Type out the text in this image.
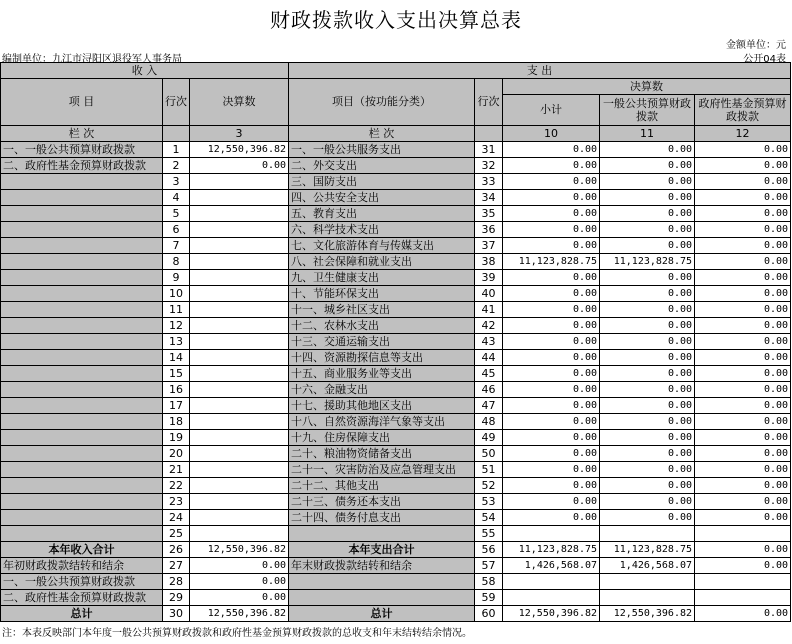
财政拨款收入支出决算总表
金额单位：元
编制单位：九江市浔阳区退役军人事务局	公开04表
收 入			支 出				
项 目	行次	决算数	项目（按功能分类）	行次	决算数		
					小计	一般公共预算财政拨款	政府性基金预算财政拨款
栏 次		3	栏 次		10	11	12
一、一般公共预算财政拨款	1	12,550,396.82	一、一般公共服务支出	31	0.00	0.00	0.00
二、政府性基金预算财政拨款	2	0.00	二、外交支出	32	0.00	0.00	0.00
	3		三、国防支出	33	0.00	0.00	0.00
	4		四、公共安全支出	34	0.00	0.00	0.00
	5		五、教育支出	35	0.00	0.00	0.00
	6		六、科学技术支出	36	0.00	0.00	0.00
	7		七、文化旅游体育与传媒支出	37	0.00	0.00	0.00
	8		八、社会保障和就业支出	38	11,123,828.75	11,123,828.75	0.00
	9		九、卫生健康支出	39	0.00	0.00	0.00
	10		十、节能环保支出	40	0.00	0.00	0.00
	11		十一、城乡社区支出	41	0.00	0.00	0.00
	12		十二、农林水支出	42	0.00	0.00	0.00
	13		十三、交通运输支出	43	0.00	0.00	0.00
	14		十四、资源勘探信息等支出	44	0.00	0.00	0.00
	15		十五、商业服务业等支出	45	0.00	0.00	0.00
	16		十六、金融支出	46	0.00	0.00	0.00
	17		十七、援助其他地区支出	47	0.00	0.00	0.00
	18		十八、自然资源海洋气象等支出	48	0.00	0.00	0.00
	19		十九、住房保障支出	49	0.00	0.00	0.00
	20		二十、粮油物资储备支出	50	0.00	0.00	0.00
	21		二十一、灾害防治及应急管理支出	51	0.00	0.00	0.00
	22		二十二、其他支出	52	0.00	0.00	0.00
	23		二十三、债务还本支出	53	0.00	0.00	0.00
	24		二十四、债务付息支出	54	0.00	0.00	0.00
	25			55			
本年收入合计	26	12,550,396.82	本年支出合计	56	11,123,828.75	11,123,828.75	0.00
年初财政拨款结转和结余	27	0.00	年末财政拨款结转和结余	57	1,426,568.07	1,426,568.07	0.00
一、一般公共预算财政拨款	28	0.00		58			
二、政府性基金预算财政拨款	29	0.00		59			
总计	30	12,550,396.82	总计	60	12,550,396.82	12,550,396.82	0.00
注：本表反映部门本年度一般公共预算财政拨款和政府性基金预算财政拨款的总收支和年末结转结余情况。
